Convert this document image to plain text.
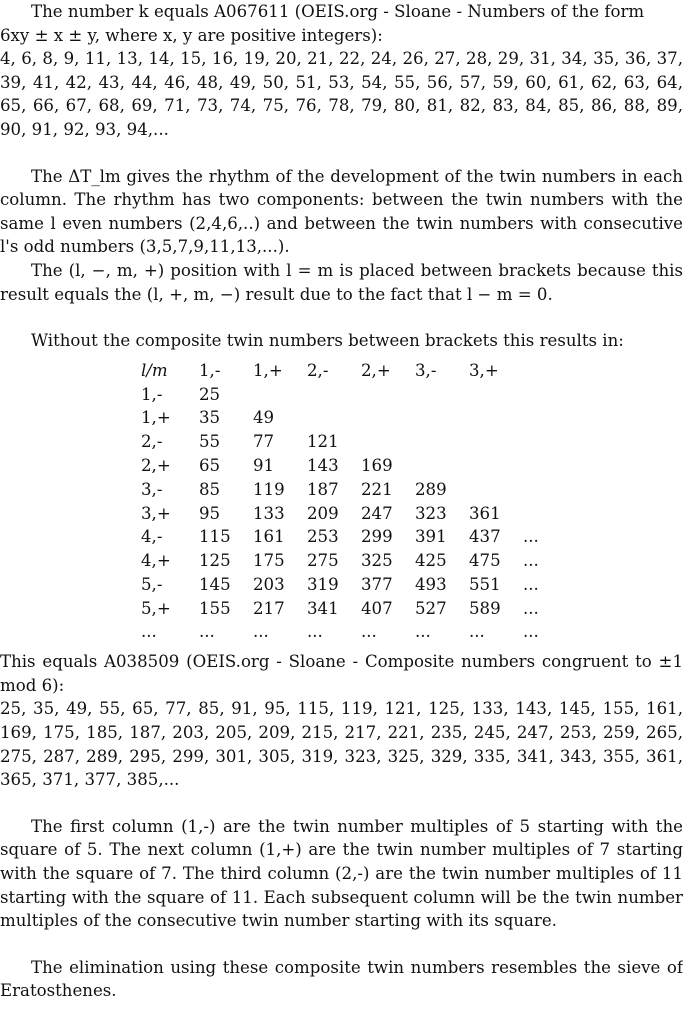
The number k equals A067611 (OEIS.org - Sloane - Numbers of the form

6xy ± x ± y, where x, y are positive integers):

4, 6, 8, 9, 11, 13, 14, 15, 16, 19, 20, 21, 22, 24, 26, 27, 28, 29, 31, 34, 35, 36, 37, 39, 41, 42, 43, 44, 46, 48, 49, 50, 51, 53, 54, 55, 56, 57, 59, 60, 61, 62, 63, 64, 65, 66, 67, 68, 69, 71, 73, 74, 75, 76, 78, 79, 80, 81, 82, 83, 84, 85, 86, 88, 89, 90, 91, 92, 93, 94,...

The ΔT_lm gives the rhythm of the development of the twin numbers in each column. The rhythm has two components: between the twin numbers with the same l even numbers (2,4,6,..) and between the twin numbers with consecutive l's odd numbers (3,5,7,9,11,13,...).

The (l, −, m, +) position with l = m is placed between brackets because this result equals the (l, +, m, −) result due to the fact that l − m = 0.

Without the composite twin numbers between brackets this results in:

l/m	1,-	1,+	2,-	2,+	3,-	3,+	
1,-	25						
1,+	35	49					
2,-	55	77	121				
2,+	65	91	143	169			
3,-	85	119	187	221	289		
3,+	95	133	209	247	323	361	
4,-	115	161	253	299	391	437	...
4,+	125	175	275	325	425	475	...
5,-	145	203	319	377	493	551	...
5,+	155	217	341	407	527	589	...
...	...	...	...	...	...	...	...

This equals A038509 (OEIS.org - Sloane - Composite numbers congruent to ±1 mod 6):

25, 35, 49, 55, 65, 77, 85, 91, 95, 115, 119, 121, 125, 133, 143, 145, 155, 161, 169, 175, 185, 187, 203, 205, 209, 215, 217, 221, 235, 245, 247, 253, 259, 265, 275, 287, 289, 295, 299, 301, 305, 319, 323, 325, 329, 335, 341, 343, 355, 361, 365, 371, 377, 385,...

The first column (1,-) are the twin number multiples of 5 starting with the square of 5. The next column (1,+) are the twin number multiples of 7 starting with the square of 7. The third column (2,-) are the twin number multiples of 11 starting with the square of 11. Each subsequent column will be the twin number multiples of the consecutive twin number starting with its square.

The elimination using these composite twin numbers resembles the sieve of Eratosthenes.
